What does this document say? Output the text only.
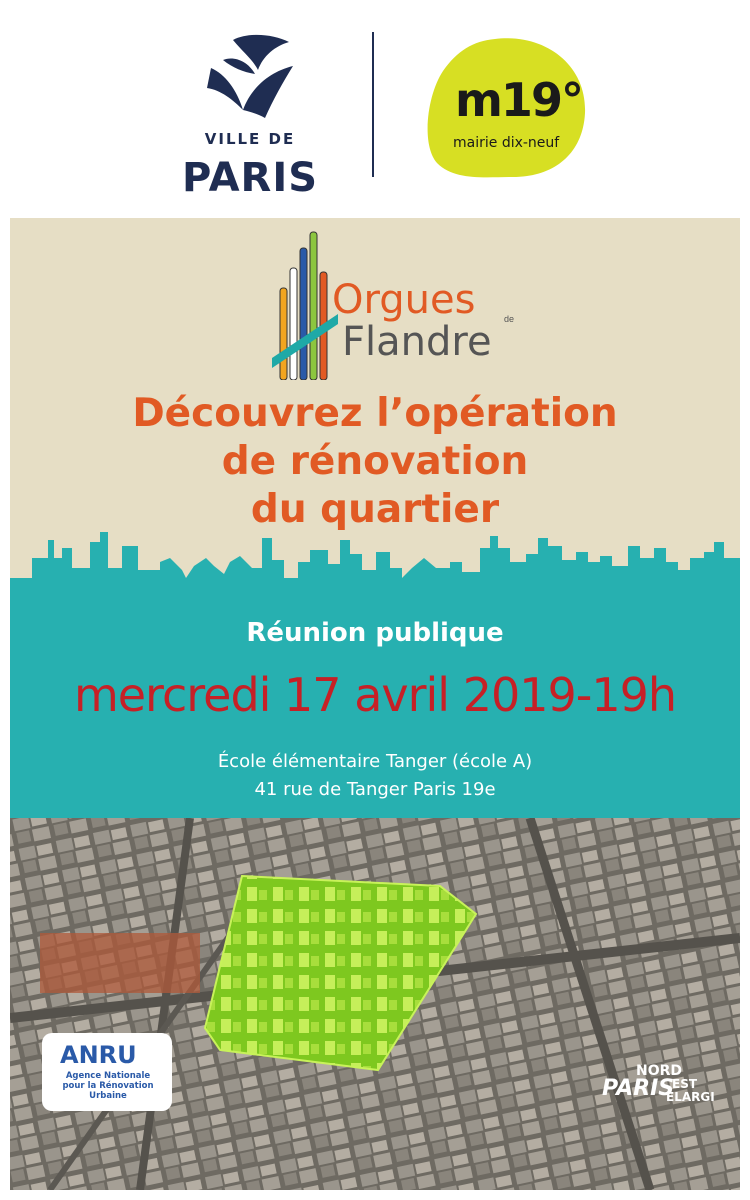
VILLE DE
PARIS
m19°
mairie dix-neuf
Orgues	de
Flandre
Découvrez l’opération
de rénovation
du quartier
Réunion publique
mercredi 17 avril 2019-19h
École élémentaire Tanger (école A)
41 rue de Tanger Paris 19e
ANRU
Agence Nationale
pour la Rénovation
Urbaine
NORD
PARIS
EST
ELARGI
